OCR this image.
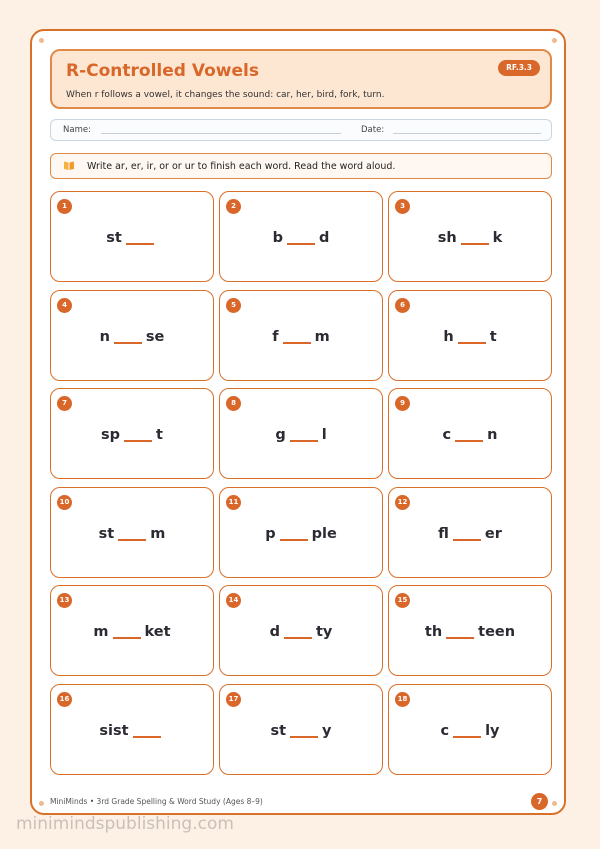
R-Controlled Vowels
When r follows a vowel, it changes the sound: car, her, bird, fork, turn.
RF.3.3
Name:	Date:
Write ar, er, ir, or or ur to finish each word. Read the word aloud.
1
st
2
b d
3
sh k
4
n se
5
f m
6
h t
7
sp t
8
g l
9
c n
10
st m
11
p ple
12
fl er
13
m ket
14
d ty
15
th teen
16
sist
17
st y
18
c ly
MiniMinds • 3rd Grade Spelling & Word Study (Ages 8–9)	7
minimindspublishing.com
